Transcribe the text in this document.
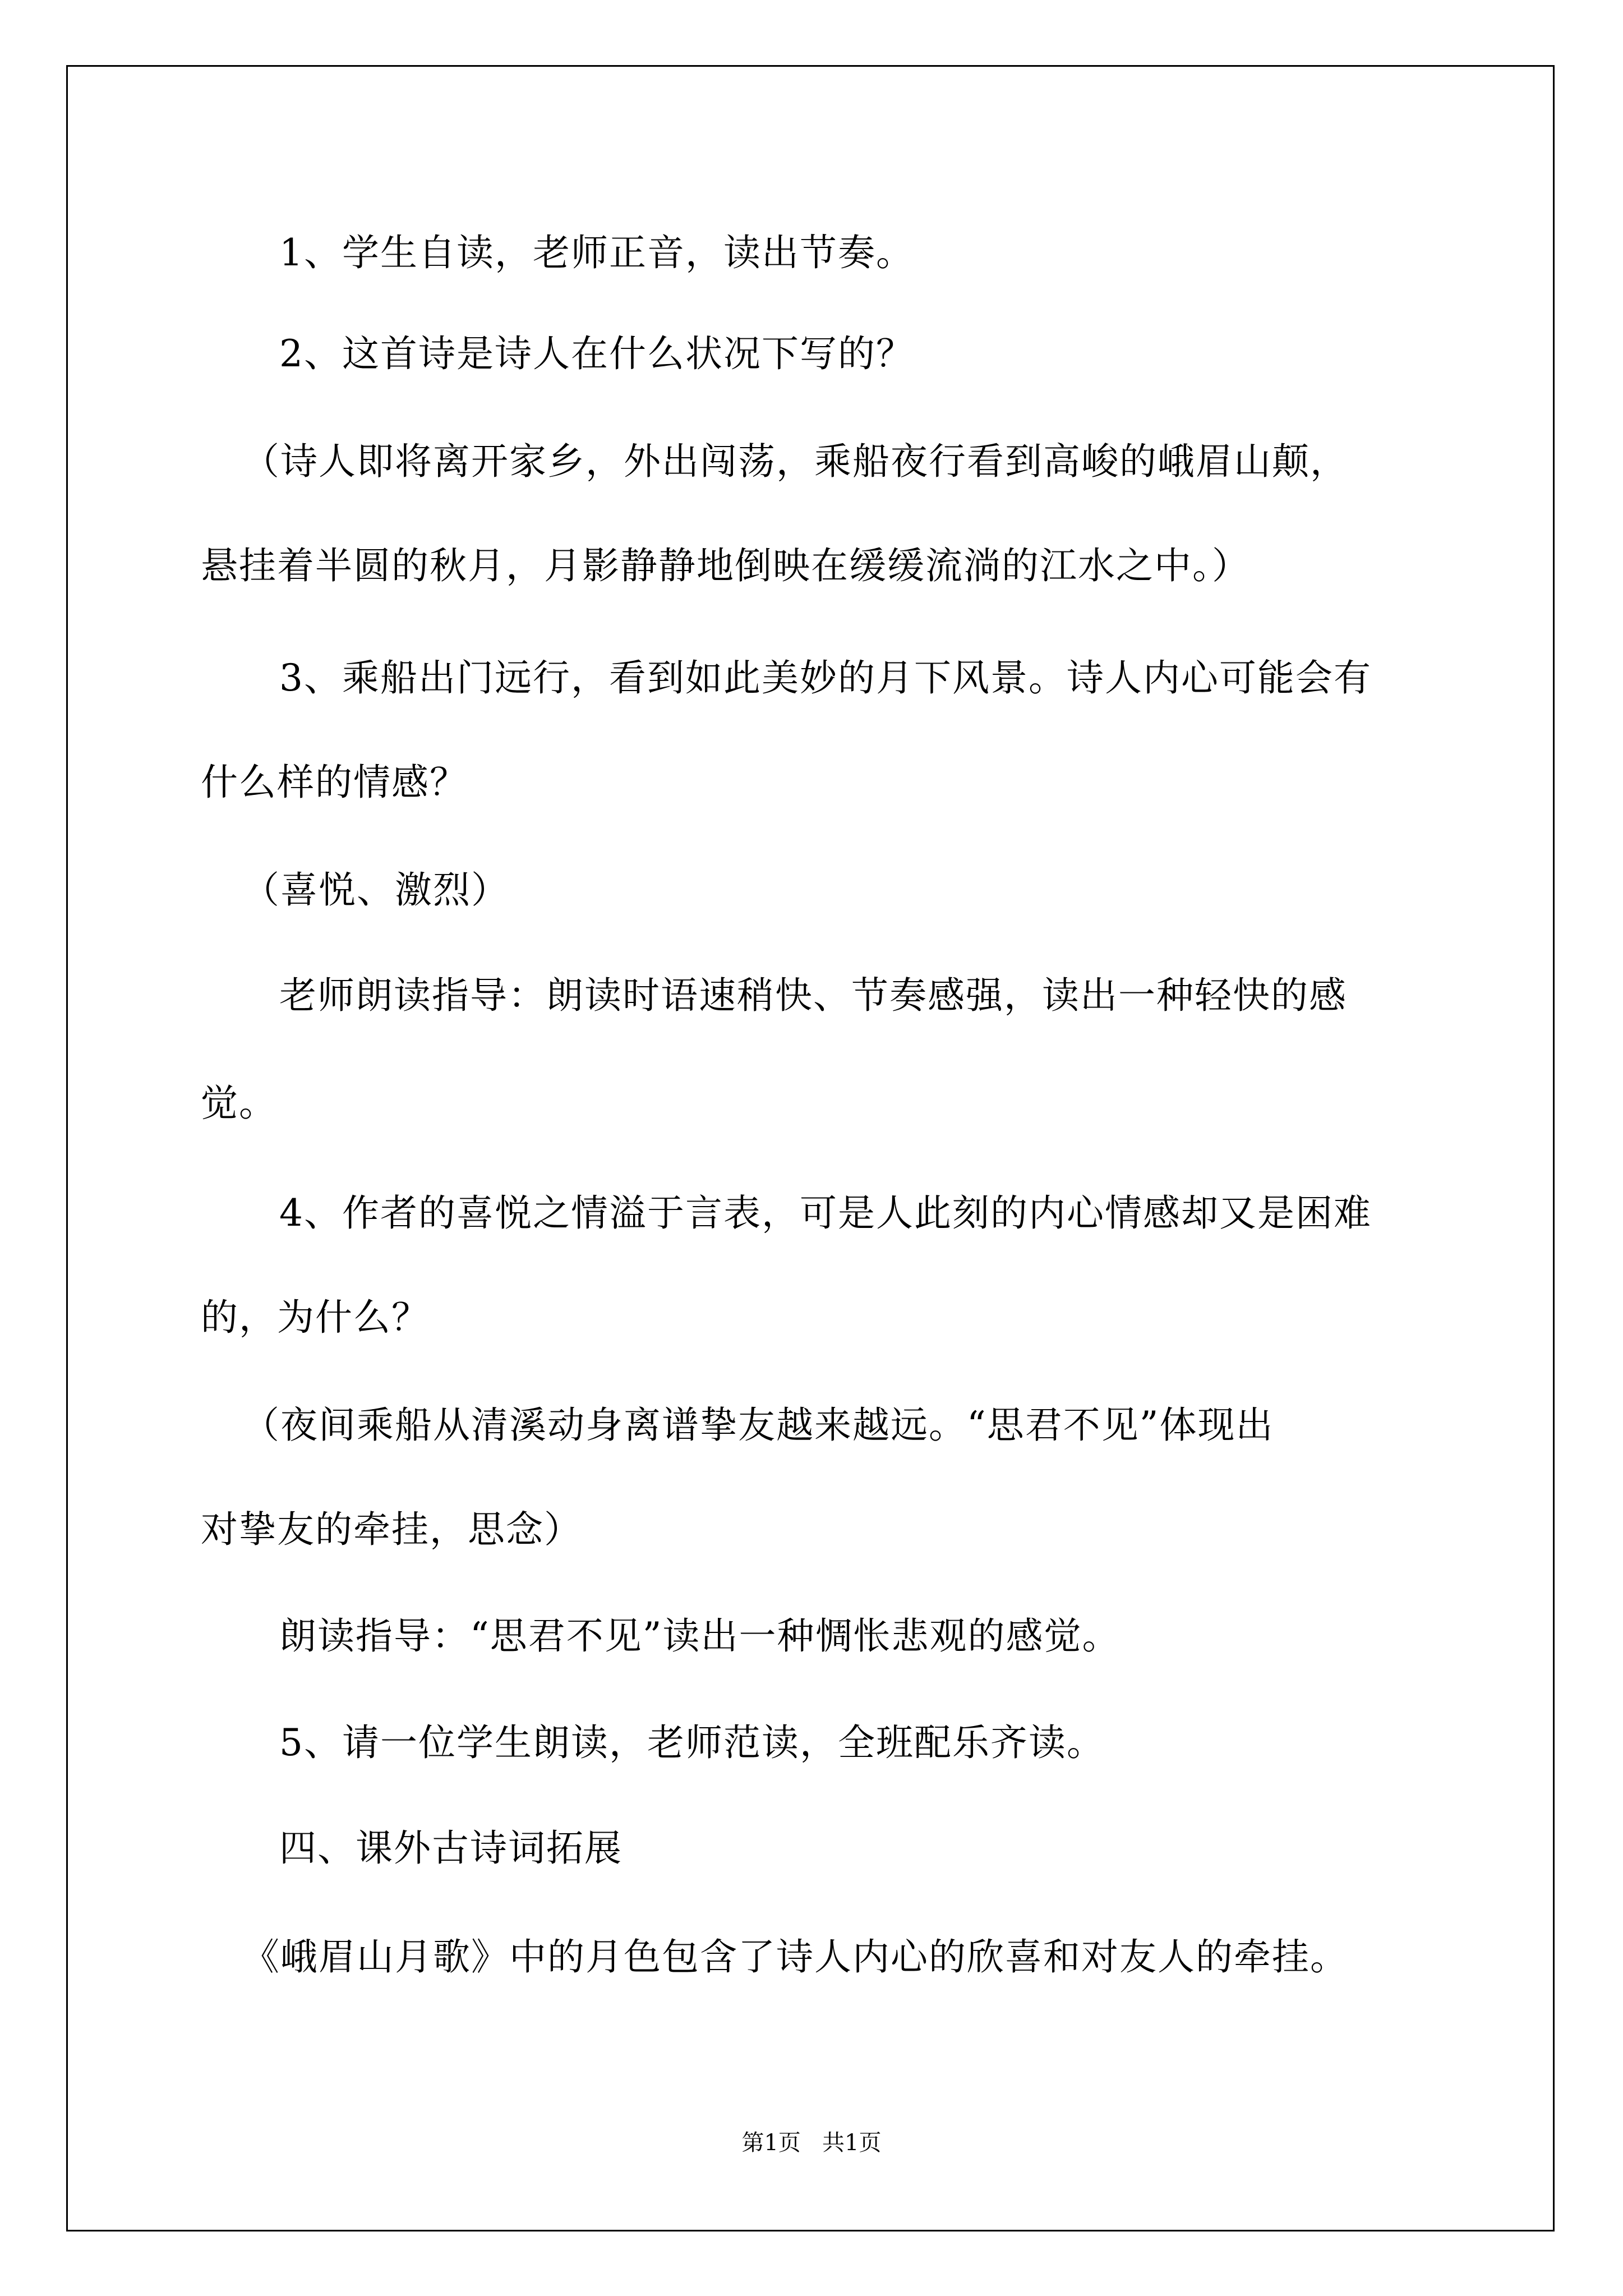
1、学生自读，老师正音，读出节奏。
2、这首诗是诗人在什么状况下写的？
（诗人即将离开家乡，外出闯荡，乘船夜行看到高峻的峨眉山颠，
悬挂着半圆的秋月，月影静静地倒映在缓缓流淌的江水之中。）
3、乘船出门远行，看到如此美妙的月下风景。诗人内心可能会有
什么样的情感？
（喜悦、激烈）
老师朗读指导：朗读时语速稍快、节奏感强，读出一种轻快的感
觉。
4、作者的喜悦之情溢于言表，可是人此刻的内心情感却又是困难
的，为什么？
（夜间乘船从清溪动身离谱挚友越来越远。“思君不见”体现出
对挚友的牵挂，思念）
朗读指导：“思君不见”读出一种惆怅悲观的感觉。
5、请一位学生朗读，老师范读，全班配乐齐读。
四、课外古诗词拓展
《峨眉山月歌》中的月色包含了诗人内心的欣喜和对友人的牵挂。
第1页   共1页
